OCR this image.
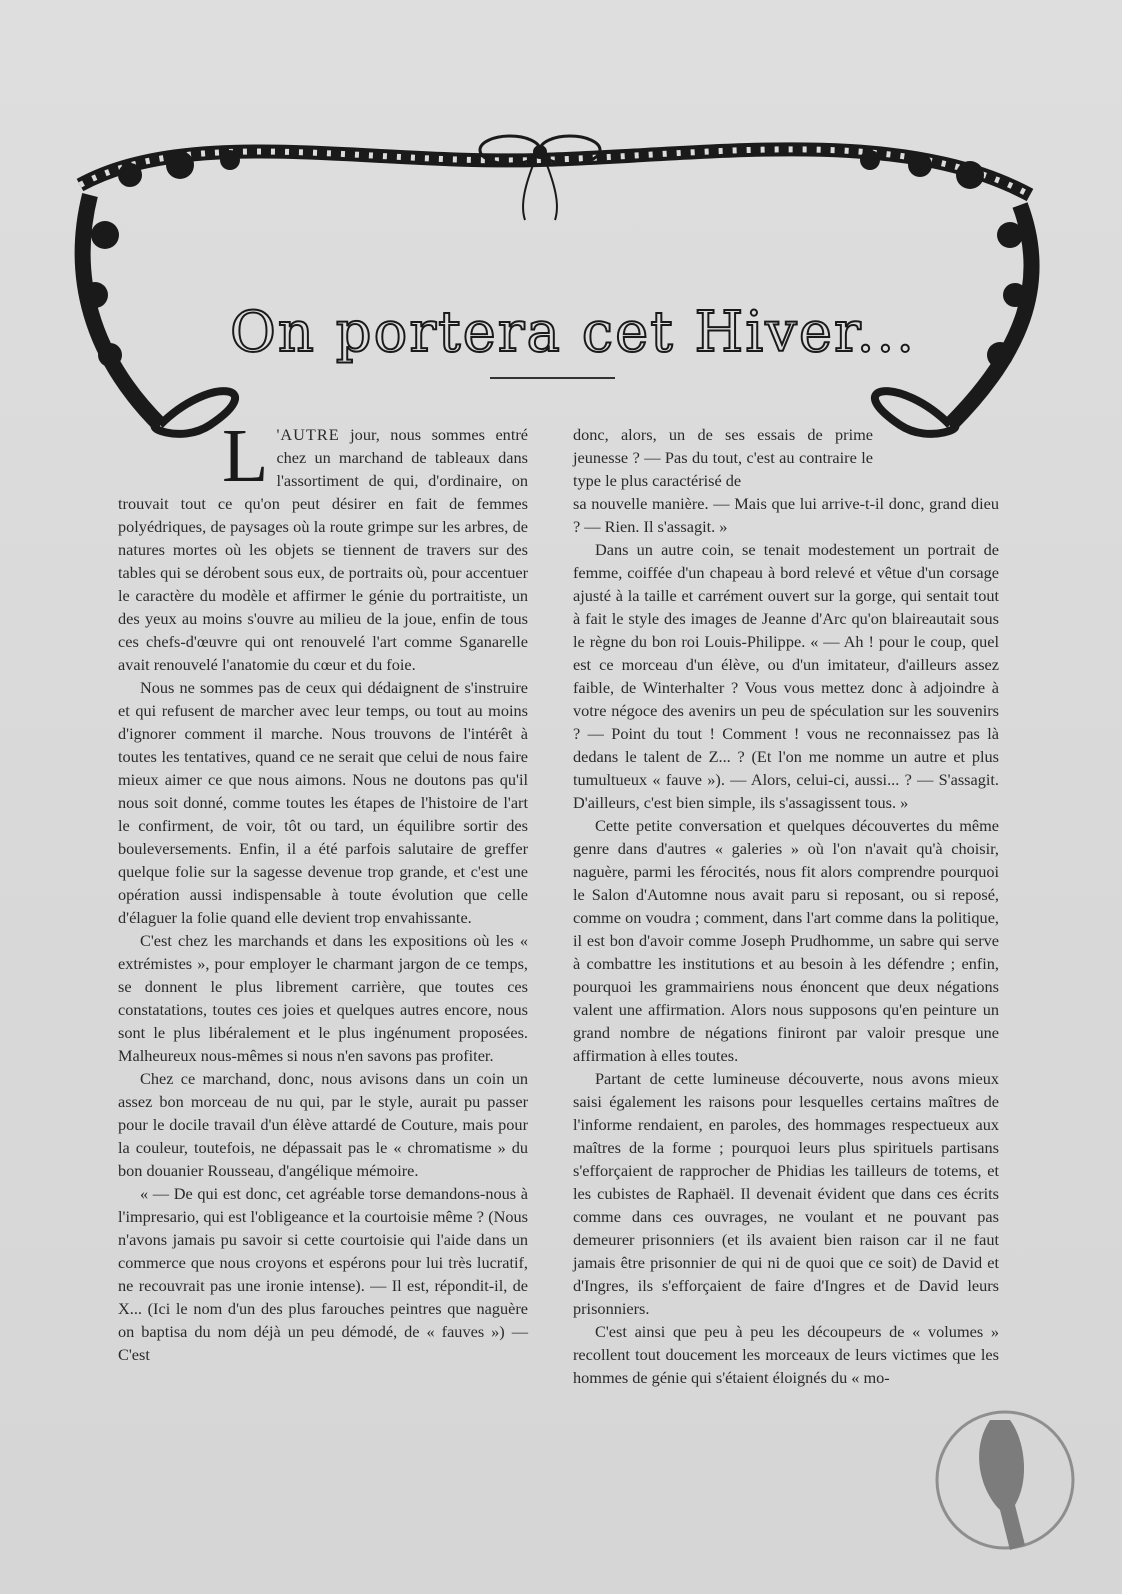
On portera cet Hiver...

L 'AUTRE jour, nous sommes entré chez un marchand de tableaux dans l'assortiment de qui, d'ordinaire, on trouvait tout ce qu'on peut désirer en fait de femmes polyédriques, de paysages où la route grimpe sur les arbres, de natures mortes où les objets se tiennent de travers sur des tables qui se dérobent sous eux, de portraits où, pour accentuer le caractère du modèle et affirmer le génie du portraitiste, un des yeux au moins s'ouvre au milieu de la joue, enfin de tous ces chefs-d'œuvre qui ont renouvelé l'art comme Sganarelle avait renouvelé l'anatomie du cœur et du foie.

Nous ne sommes pas de ceux qui dédaignent de s'instruire et qui refusent de marcher avec leur temps, ou tout au moins d'ignorer comment il marche. Nous trouvons de l'intérêt à toutes les tentatives, quand ce ne serait que celui de nous faire mieux aimer ce que nous aimons. Nous ne doutons pas qu'il nous soit donné, comme toutes les étapes de l'histoire de l'art le confirment, de voir, tôt ou tard, un équilibre sortir des bouleversements. Enfin, il a été parfois salutaire de greffer quelque folie sur la sagesse devenue trop grande, et c'est une opération aussi indispensable à toute évolution que celle d'élaguer la folie quand elle devient trop envahissante.

C'est chez les marchands et dans les expositions où les « extrémistes », pour employer le charmant jargon de ce temps, se donnent le plus librement carrière, que toutes ces constatations, toutes ces joies et quelques autres encore, nous sont le plus libéralement et le plus ingénument proposées. Malheureux nous-mêmes si nous n'en savons pas profiter.

Chez ce marchand, donc, nous avisons dans un coin un assez bon morceau de nu qui, par le style, aurait pu passer pour le docile travail d'un élève attardé de Couture, mais pour la couleur, toutefois, ne dépassait pas le « chromatisme » du bon douanier Rousseau, d'angélique mémoire.

« — De qui est donc, cet agréable torse demandons-nous à l'impresario, qui est l'obligeance et la courtoisie même ? (Nous n'avons jamais pu savoir si cette courtoisie qui l'aide dans un commerce que nous croyons et espérons pour lui très lucratif, ne recouvrait pas une ironie intense). — Il est, répondit-il, de X... (Ici le nom d'un des plus farouches peintres que naguère on baptisa du nom déjà un peu démodé, de « fauves ») — C'est

donc, alors, un de ses essais de prime jeunesse ? — Pas du tout, c'est au contraire le type le plus caractérisé de

sa nouvelle manière. — Mais que lui arrive-t-il donc, grand dieu ? — Rien. Il s'assagit. »

Dans un autre coin, se tenait modestement un portrait de femme, coiffée d'un chapeau à bord relevé et vêtue d'un corsage ajusté à la taille et carrément ouvert sur la gorge, qui sentait tout à fait le style des images de Jeanne d'Arc qu'on blaireautait sous le règne du bon roi Louis-Philippe. « — Ah ! pour le coup, quel est ce morceau d'un élève, ou d'un imitateur, d'ailleurs assez faible, de Winterhalter ? Vous vous mettez donc à adjoindre à votre négoce des avenirs un peu de spéculation sur les souvenirs ? — Point du tout ! Comment ! vous ne reconnaissez pas là dedans le talent de Z... ? (Et l'on me nomme un autre et plus tumultueux « fauve »). — Alors, celui-ci, aussi... ? — S'assagit. D'ailleurs, c'est bien simple, ils s'assagissent tous. »

Cette petite conversation et quelques découvertes du même genre dans d'autres « galeries » où l'on n'avait qu'à choisir, naguère, parmi les férocités, nous fit alors comprendre pourquoi le Salon d'Automne nous avait paru si reposant, ou si reposé, comme on voudra ; comment, dans l'art comme dans la politique, il est bon d'avoir comme Joseph Prudhomme, un sabre qui serve à combattre les institutions et au besoin à les défendre ; enfin, pourquoi les grammairiens nous énoncent que deux négations valent une affirmation. Alors nous supposons qu'en peinture un grand nombre de négations finiront par valoir presque une affirmation à elles toutes.

Partant de cette lumineuse découverte, nous avons mieux saisi également les raisons pour lesquelles certains maîtres de l'informe rendaient, en paroles, des hommages respectueux aux maîtres de la forme ; pourquoi leurs plus spirituels partisans s'efforçaient de rapprocher de Phidias les tailleurs de totems, et les cubistes de Raphaël. Il devenait évident que dans ces écrits comme dans ces ouvrages, ne voulant et ne pouvant pas demeurer prisonniers (et ils avaient bien raison car il ne faut jamais être prisonnier de qui ni de quoi que ce soit) de David et d'Ingres, ils s'efforçaient de faire d'Ingres et de David leurs prisonniers.

C'est ainsi que peu à peu les découpeurs de « volumes » recollent tout doucement les morceaux de leurs victimes que les hommes de génie qui s'étaient éloignés du « mo-
